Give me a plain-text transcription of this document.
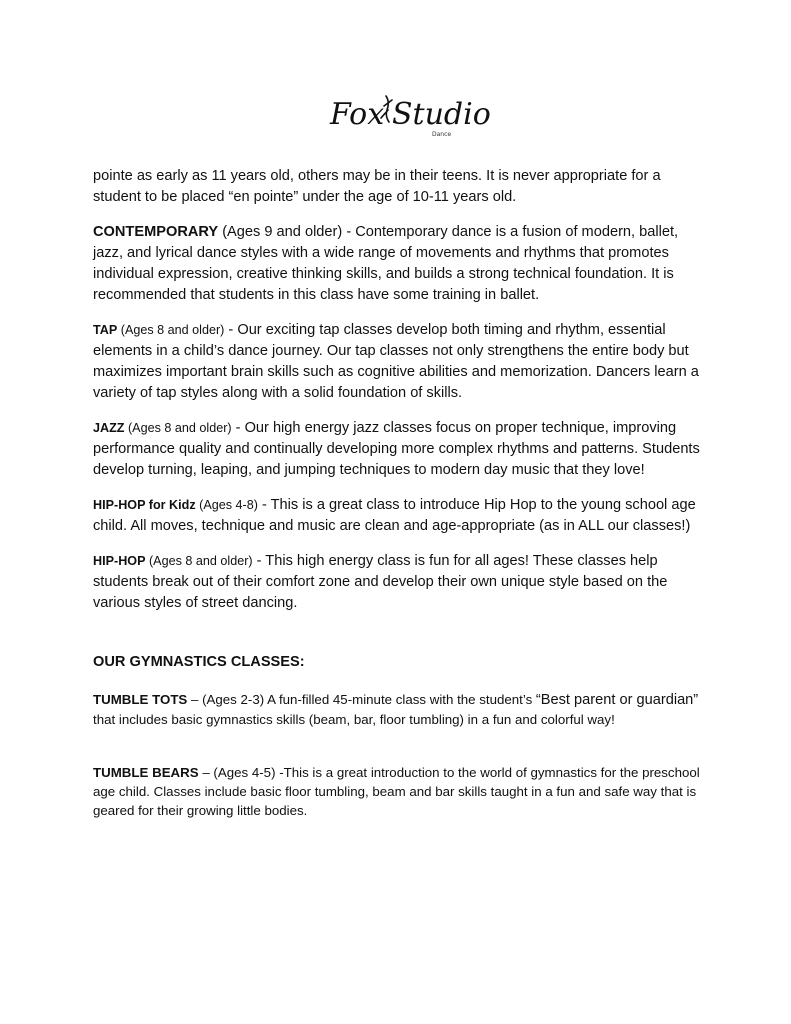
Fox Studio
Dance

pointe as early as 11 years old, others may be in their teens. It is never appropriate for a student to be placed “en pointe” under the age of 10-11 years old.

CONTEMPORARY (Ages 9 and older) - Contemporary dance is a fusion of modern, ballet, jazz, and lyrical dance styles with a wide range of movements and rhythms that promotes individual expression, creative thinking skills, and builds a strong technical foundation. It is recommended that students in this class have some training in ballet.

TAP (Ages 8 and older) - Our exciting tap classes develop both timing and rhythm, essential elements in a child’s dance journey. Our tap classes not only strengthens the entire body but maximizes important brain skills such as cognitive abilities and memorization. Dancers learn a variety of tap styles along with a solid foundation of skills.

JAZZ (Ages 8 and older) - Our high energy jazz classes focus on proper technique, improving performance quality and continually developing more complex rhythms and patterns. Students develop turning, leaping, and jumping techniques to modern day music that they love!

HIP-HOP for Kidz (Ages 4-8) - This is a great class to introduce Hip Hop to the young school age child. All moves, technique and music are clean and age-appropriate (as in ALL our classes!)

HIP-HOP (Ages 8 and older) - This high energy class is fun for all ages! These classes help students break out of their comfort zone and develop their own unique style based on the various styles of street dancing.

OUR GYMNASTICS CLASSES:

TUMBLE TOTS – (Ages 2-3) A fun-filled 45-minute class with the student’s “Best parent or guardian” that includes basic gymnastics skills (beam, bar, floor tumbling) in a fun and colorful way!

TUMBLE BEARS – (Ages 4-5) -This is a great introduction to the world of gymnastics for the preschool age child. Classes include basic floor tumbling, beam and bar skills taught in a fun and safe way that is geared for their growing little bodies.
